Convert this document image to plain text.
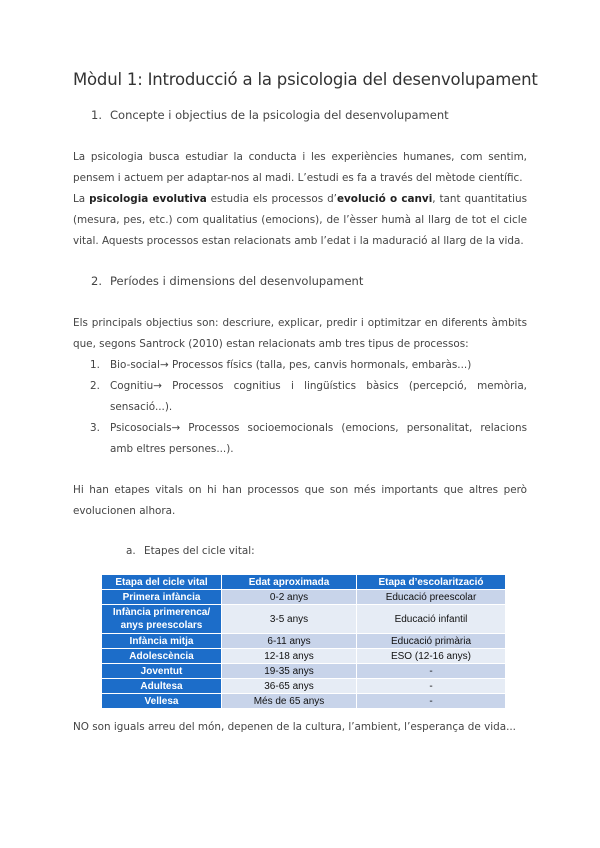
Mòdul 1: Introducció a la psicologia del desenvolupament
1. Concepte i objectius de la psicologia del desenvolupament
La psicologia busca estudiar la conducta i les experiències humanes, com sentim, pensem i actuem per adaptar-nos al madi. L’estudi es fa a través del mètode científic.
La psicologia evolutiva estudia els processos d’evolució o canvi, tant quantitatius (mesura, pes, etc.) com qualitatius (emocions), de l’èsser humà al llarg de tot el cicle vital. Aquests processos estan relacionats amb l’edat i la maduració al llarg de la vida.
2. Períodes i dimensions del desenvolupament
Els principals objectius son: descriure, explicar, predir i optimitzar en diferents àmbits que, segons Santrock (2010) estan relacionats amb tres tipus de processos:
1. Bio-social→ Processos físics (talla, pes, canvis hormonals, embaràs...)
2. Cognitiu→ Processos cognitius i lingüístics bàsics (percepció, memòria, sensació...).
3. Psicosocials→ Processos socioemocionals (emocions, personalitat, relacions amb eltres persones...).
Hi han etapes vitals on hi han processos que son més importants que altres però evolucionen alhora.
a. Etapes del cicle vital:
Etapa del cicle vital	Edat aproximada	Etapa d’escolarització
Primera infància	0-2 anys	Educació preescolar
Infància primerenca/ anys preescolars	3-5 anys	Educació infantil
Infància mitja	6-11 anys	Educació primària
Adolescència	12-18 anys	ESO (12-16 anys)
Joventut	19-35 anys	-
Adultesa	36-65 anys	-
Vellesa	Més de 65 anys	-
NO son iguals arreu del món, depenen de la cultura, l’ambient, l’esperança de vida...
